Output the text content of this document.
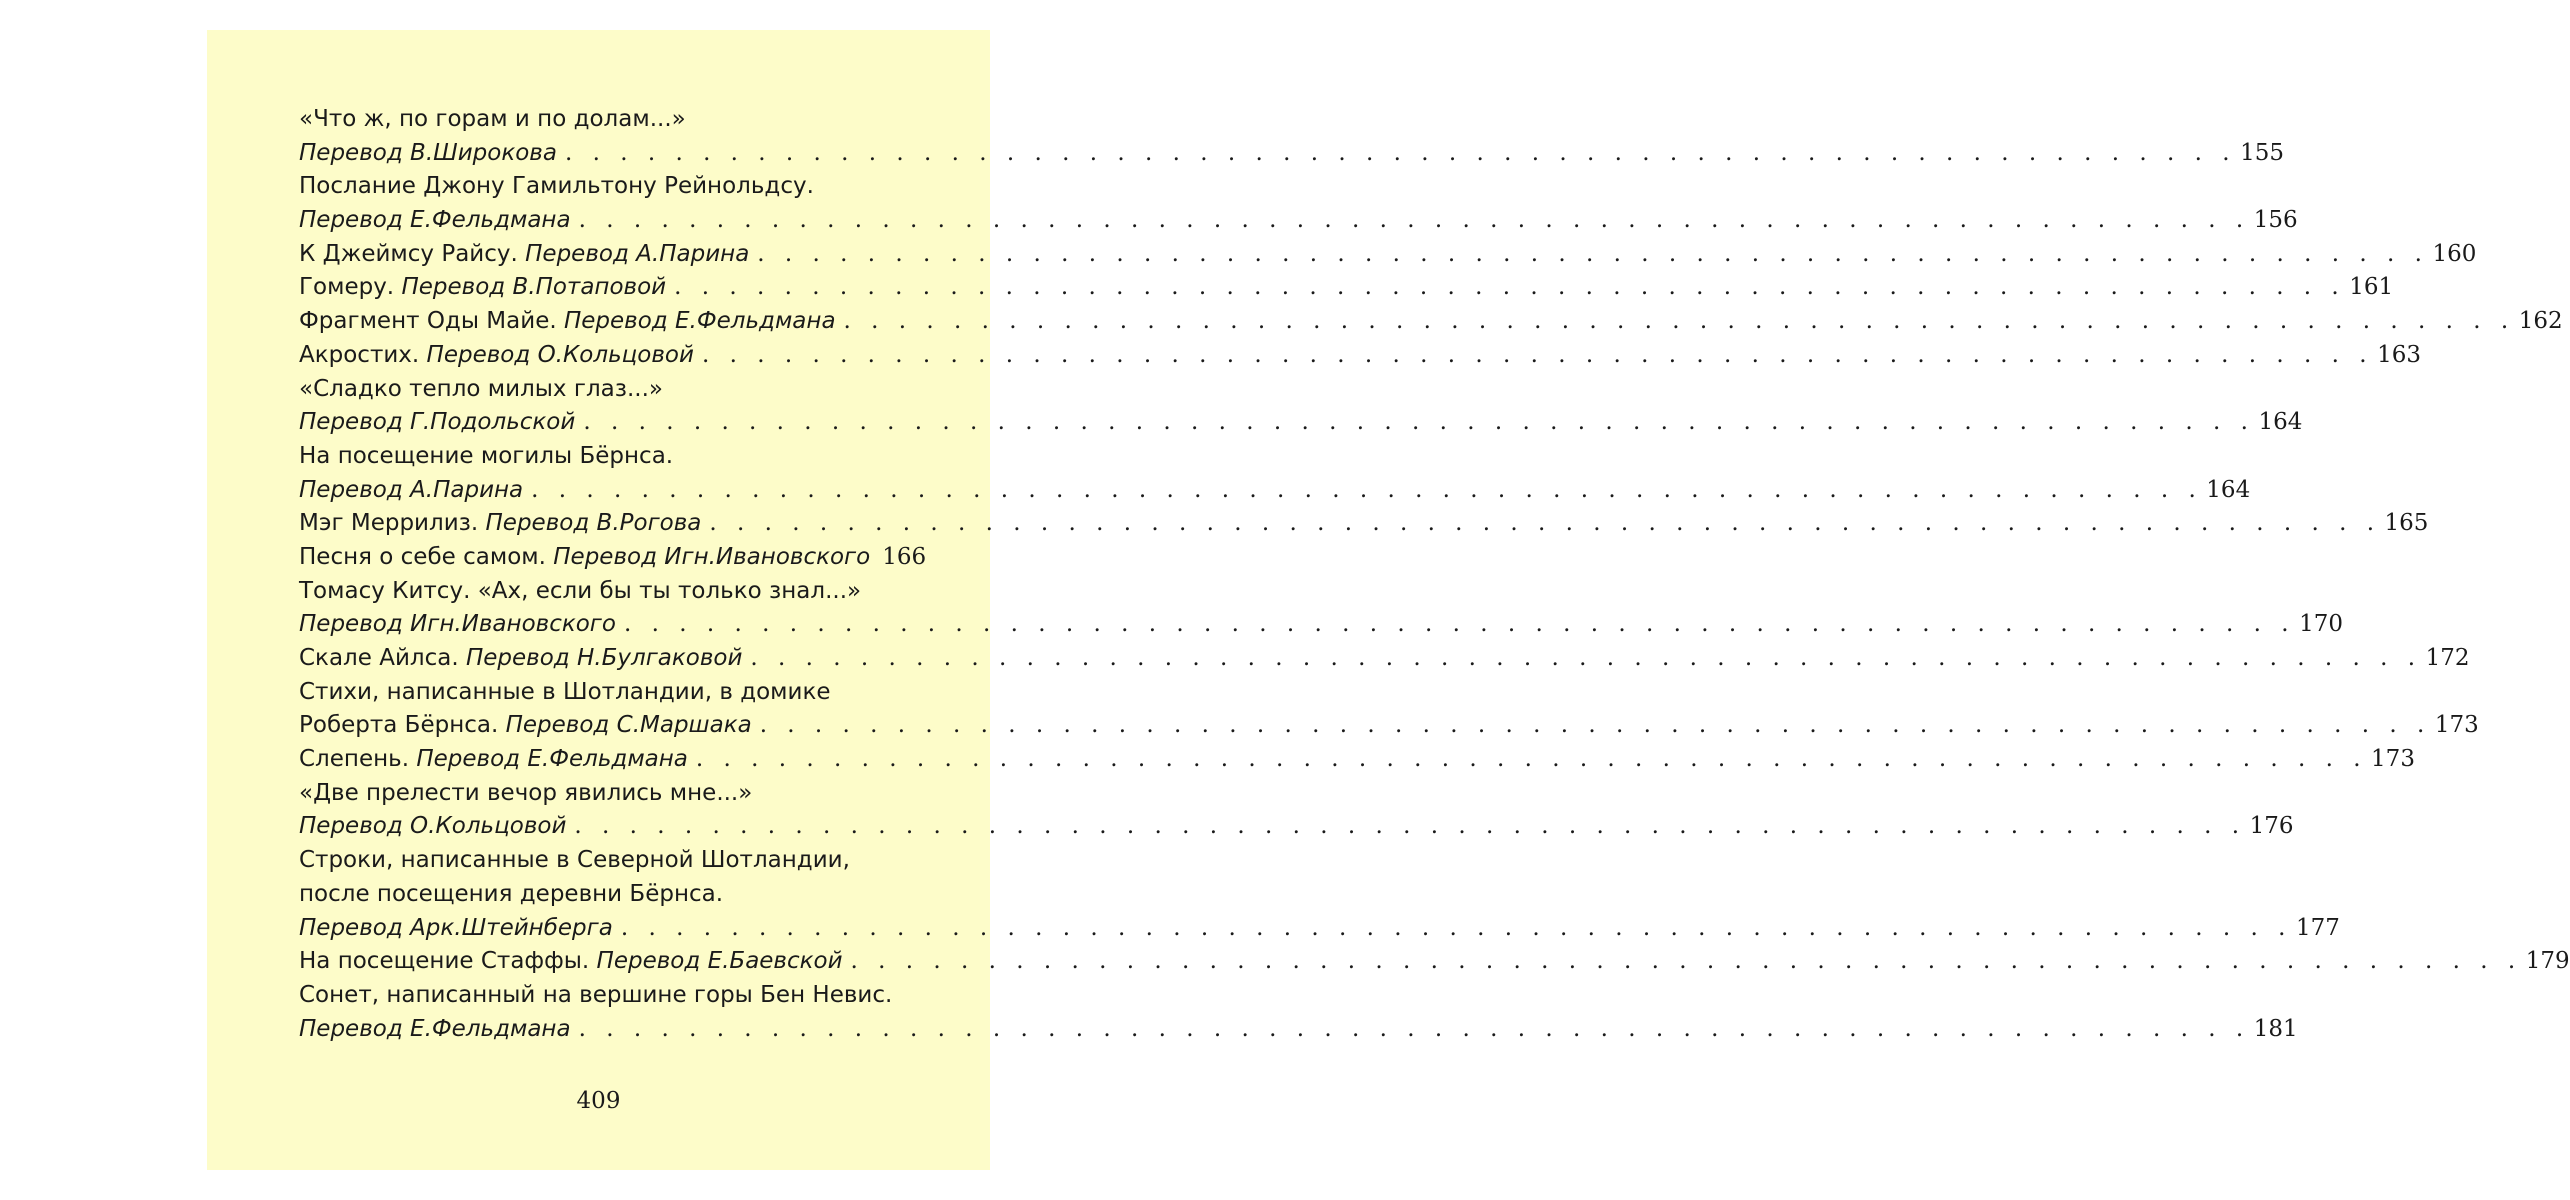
«Что ж, по горам и по долам...»
Перевод В.Широкова . . .	155
Послание Джону Гамильтону Рейнольдсу.
Перевод Е.Фельдмана . . .	156
К Джеймсу Райсу.
Перевод А.Парина . . .	160
Гомеру.
Перевод В.Потаповой . . .	161
Фрагмент Оды Майе.
Перевод Е.Фельдмана . . .	162
Акростих.
Перевод О.Кольцовой . . .	163
«Сладко тепло милых глаз...»
Перевод Г.Подольской . . .	164
На посещение могилы Бёрнса.
Перевод А.Парина . . .	164
Мэг Меррилиз.
Перевод В.Рогова . . .	165
Песня о себе самом.
Перевод Игн.Ивановского 166
Томасу Китсу. «Ах, если бы ты только знал...»
Перевод Игн.Ивановского . . .	170
Скале Айлса.
Перевод Н.Булгаковой . . .	172
Стихи, написанные в Шотландии, в домике
Роберта Бёрнса.
Перевод С.Маршака . . .	173
Слепень.
Перевод Е.Фельдмана . . .	173
«Две прелести вечор явились мне...»
Перевод О.Кольцовой . . .	176
Строки, написанные в Северной Шотландии,
после посещения деревни Бёрнса.
Перевод Арк.Штейнберга . . .	177
На посещение Стаффы.
Перевод Е.Баевской . . .	179
Сонет, написанный на вершине горы Бен Невис.
Перевод Е.Фельдмана . . .	181
409
